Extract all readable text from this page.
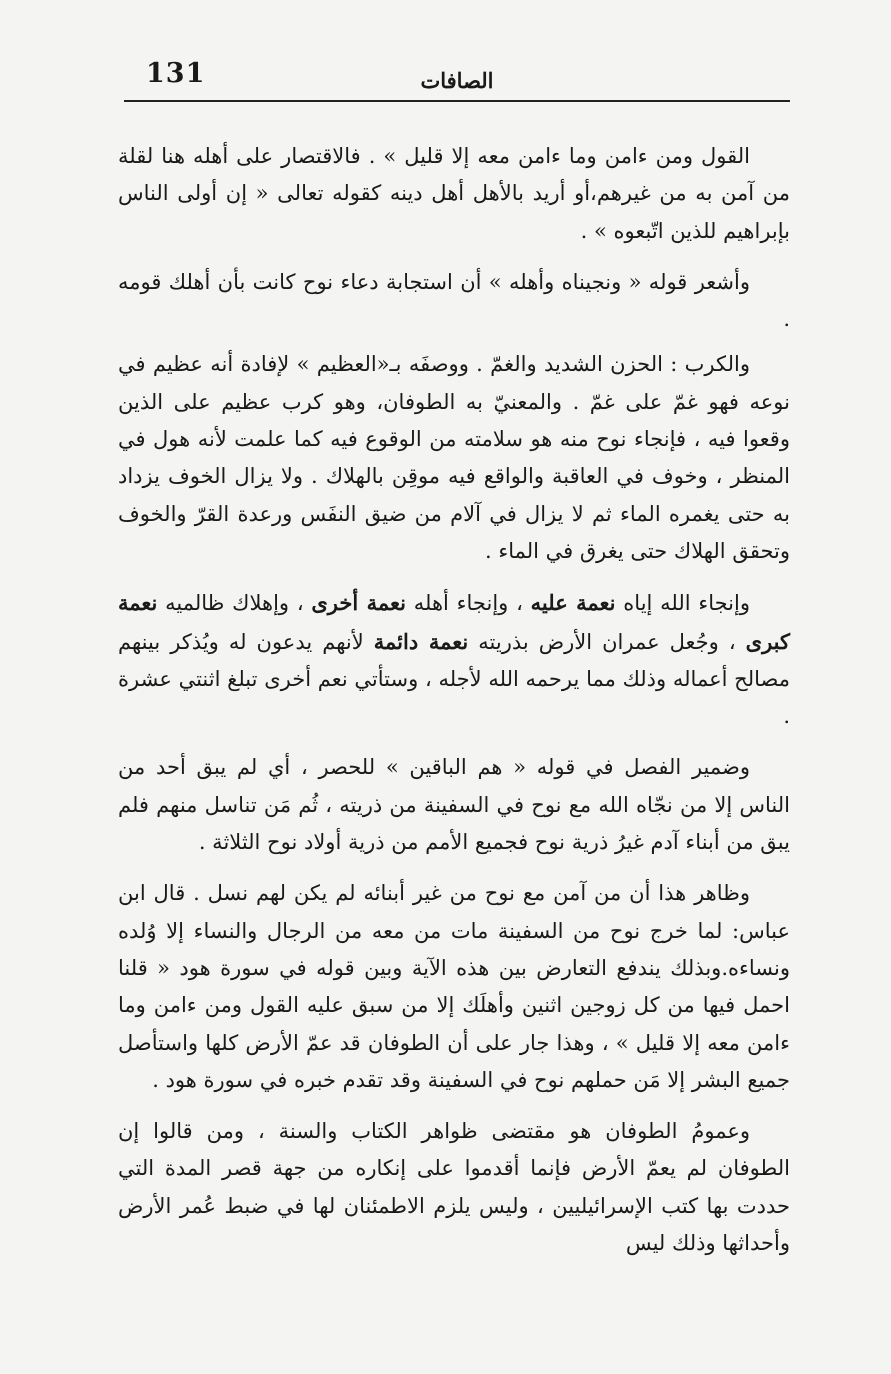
131	الصافات

القول ومن ءامن وما ءامن معه إلا قليل » . فالاقتصار على أهله هنا لقلة من آمن به من غيرهم،أو أريد بالأهل أهل دينه كقوله تعالى « إن أولى الناس بإبراهيم للذين اتّبعوه » .

وأشعر قوله « ونجيناه وأهله » أن استجابة دعاء نوح كانت بأن أهلك قومه .

والكرب : الحزن الشديد والغمّ . ووصفَه بـ«العظيم » لإفادة أنه عظيم في نوعه فهو غمّ على غمّ . والمعنيّ به الطوفان، وهو كرب عظيم على الذين وقعوا فيه ، فإنجاء نوح منه هو سلامته من الوقوع فيه كما علمت لأنه هول في المنظر ، وخوف في العاقبة والواقع فيه موقِن بالهلاك . ولا يزال الخوف يزداد به حتى يغمره الماء ثم لا يزال في آلام من ضيق النفَس ورعدة القرّ والخوف وتحقق الهلاك حتى يغرق في الماء .

وإنجاء الله إياه نعمة عليه ، وإنجاء أهله نعمة أخرى ، وإهلاك ظالميه نعمة كبرى ، وجُعل عمران الأرض بذريته نعمة دائمة لأنهم يدعون له ويُذكر بينهم مصالح أعماله وذلك مما يرحمه الله لأجله ، وستأتي نعم أخرى تبلغ اثنتي عشرة .

وضمير الفصل في قوله « هم الباقين » للحصر ، أي لم يبق أحد من الناس إلا من نجّاه الله مع نوح في السفينة من ذريته ، ثُم مَن تناسل منهم فلم يبق من أبناء آدم غيرُ ذرية نوح فجميع الأمم من ذرية أولاد نوح الثلاثة .

وظاهر هذا أن من آمن مع نوح من غير أبنائه لم يكن لهم نسل . قال ابن عباس: لما خرج نوح من السفينة مات من معه من الرجال والنساء إلا وُلده ونساءه.وبذلك يندفع التعارض بين هذه الآية وبين قوله في سورة هود « قلنا احمل فيها من كل زوجين اثنين وأهلَك إلا من سبق عليه القول ومن ءامن وما ءامن معه إلا قليل » ، وهذا جار على أن الطوفان قد عمّ الأرض كلها واستأصل جميع البشر إلا مَن حملهم نوح في السفينة وقد تقدم خبره في سورة هود .

وعمومُ الطوفان هو مقتضى ظواهر الكتاب والسنة ، ومن قالوا إن الطوفان لم يعمّ الأرض فإنما أقدموا على إنكاره من جهة قصر المدة التي حددت بها كتب الإسرائيليين ، وليس يلزم الاطمئنان لها في ضبط عُمر الأرض وأحداثها وذلك ليس
